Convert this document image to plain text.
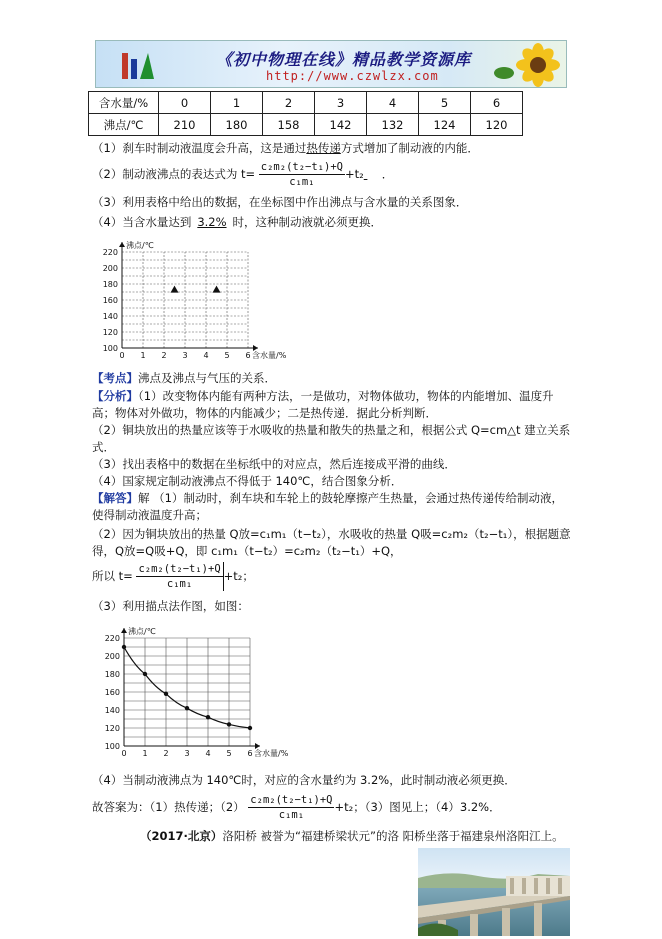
《初中物理在线》精品教学资源库
http://www.czwlzx.com
含水量/%	0	1	2	3	4	5	6
沸点/℃	210	180	158	142	132	124	120
（1）刹车时制动液温度会升高，这是通过热传递方式增加了制动液的内能．
（2）制动液沸点的表达式为 $t= \frac{\text{c₂m₂(t₂−t₁)+Q}}{\text{c₁m₁}} +t_2$ ．
（3）利用表格中给出的数据，在坐标图中作出沸点与含水量的关系图象．
（4）当含水量达到 3.2% 时，这种制动液就必须更换．
220
200
180
160
140
120
100
0 1 2 3 4 5 6
沸点/℃
含水量/%
【考点】沸点及沸点与气压的关系．
【分析】（1）改变物体内能有两种方法，一是做功，对物体做功，物体的内能增加、温度升
高；物体对外做功，物体的内能减少；二是热传递．据此分析判断．
（2）铜块放出的热量应该等于水吸收的热量和散失的热量之和，根据公式 Q=cm△t 建立关系
式．
（3）找出表格中的数据在坐标纸中的对应点，然后连接成平滑的曲线．
（4）国家规定制动液沸点不得低于 140℃，结合图象分析．
【解答】解 （1）制动时，刹车块和车轮上的鼓轮摩擦产生热量，会通过热传递传给制动液，
使得制动液温度升高；
（2）因为铜块放出的热量 Q放=c₁m₁（t−t₂），水吸收的热量 Q吸=c₂m₂（t₂−t₁），根据题意
得，Q放=Q吸+Q，即 c₁m₁（t−t₂）=c₂m₂（t₂−t₁）+Q，
所以 $t= \frac{\text{c₂m₂(t₂−t₁)+Q}}{\text{c₁m₁}} +t_2$；
（3）利用描点法作图，如图：
220
200
180
160
140
120
100
0 1 2 3 4 5 6
沸点/℃
含水量/%
（4）当制动液沸点为 140℃时，对应的含水量约为 3.2%，此时制动液必须更换．
故答案为：（1）热传递；$(2) \frac{\text{c₂m₂(t₂−t₁)+Q}}{\text{c₁m₁}} +t_2$；（3）图见上；（4）3.2%．
（2017·北京）洛阳桥 被誉为“福建桥梁状元”的洛 阳桥坐落于福建泉州洛阳江上。
